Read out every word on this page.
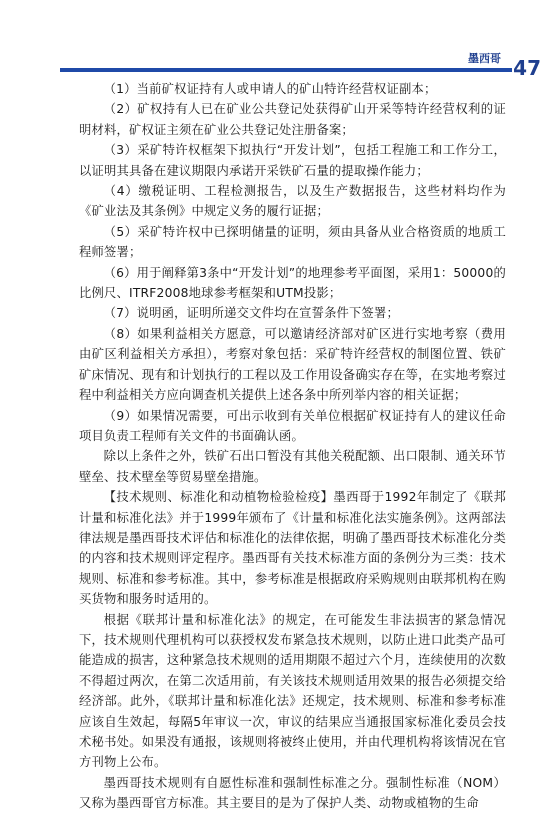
墨西哥 47

（1）当前矿权证持有人或申请人的矿山特许经营权证副本；

（2）矿权持有人已在矿业公共登记处获得矿山开采等特许经营权利的证明材料，矿权证主须在矿业公共登记处注册备案；

（3）采矿特许权框架下拟执行“开发计划”，包括工程施工和工作分工，以证明其具备在建议期限内承诺开采铁矿石量的提取操作能力；

（4）缴税证明、工程检测报告，以及生产数据报告，这些材料均作为《矿业法及其条例》中规定义务的履行证据；

（5）采矿特许权中已探明储量的证明，须由具备从业合格资质的地质工程师签署；

（6）用于阐释第3条中“开发计划”的地理参考平面图，采用1：50000的比例尺、ITRF2008地球参考框架和UTM投影；

（7）说明函，证明所递交文件均在宣誓条件下签署；

（8）如果利益相关方愿意，可以邀请经济部对矿区进行实地考察（费用由矿区利益相关方承担），考察对象包括：采矿特许经营权的制图位置、铁矿矿床情况、现有和计划执行的工程以及工作用设备确实存在等，在实地考察过程中利益相关方应向调查机关提供上述各条中所列举内容的相关证据；

（9）如果情况需要，可出示收到有关单位根据矿权证持有人的建议任命项目负责工程师有关文件的书面确认函。

除以上条件之外，铁矿石出口暂没有其他关税配额、出口限制、通关环节壁垒、技术壁垒等贸易壁垒措施。

【技术规则、标准化和动植物检验检疫】墨西哥于1992年制定了《联邦计量和标准化法》并于1999年颁布了《计量和标准化法实施条例》。这两部法律法规是墨西哥技术评估和标准化的法律依据，明确了墨西哥技术标准化分类的内容和技术规则评定程序。墨西哥有关技术标准方面的条例分为三类：技术规则、标准和参考标准。其中，参考标准是根据政府采购规则由联邦机构在购买货物和服务时适用的。

根据《联邦计量和标准化法》的规定，在可能发生非法损害的紧急情况下，技术规则代理机构可以获授权发布紧急技术规则，以防止进口此类产品可能造成的损害，这种紧急技术规则的适用期限不超过六个月，连续使用的次数不得超过两次，在第二次适用前，有关该技术规则适用效果的报告必须提交给经济部。此外，《联邦计量和标准化法》还规定，技术规则、标准和参考标准应该自生效起，每隔5年审议一次，审议的结果应当通报国家标准化委员会技术秘书处。如果没有通报，该规则将被终止使用，并由代理机构将该情况在官方刊物上公布。

墨西哥技术规则有自愿性标准和强制性标准之分。强制性标准（NOM）又称为墨西哥官方标准。其主要目的是为了保护人类、动物或植物的生命
